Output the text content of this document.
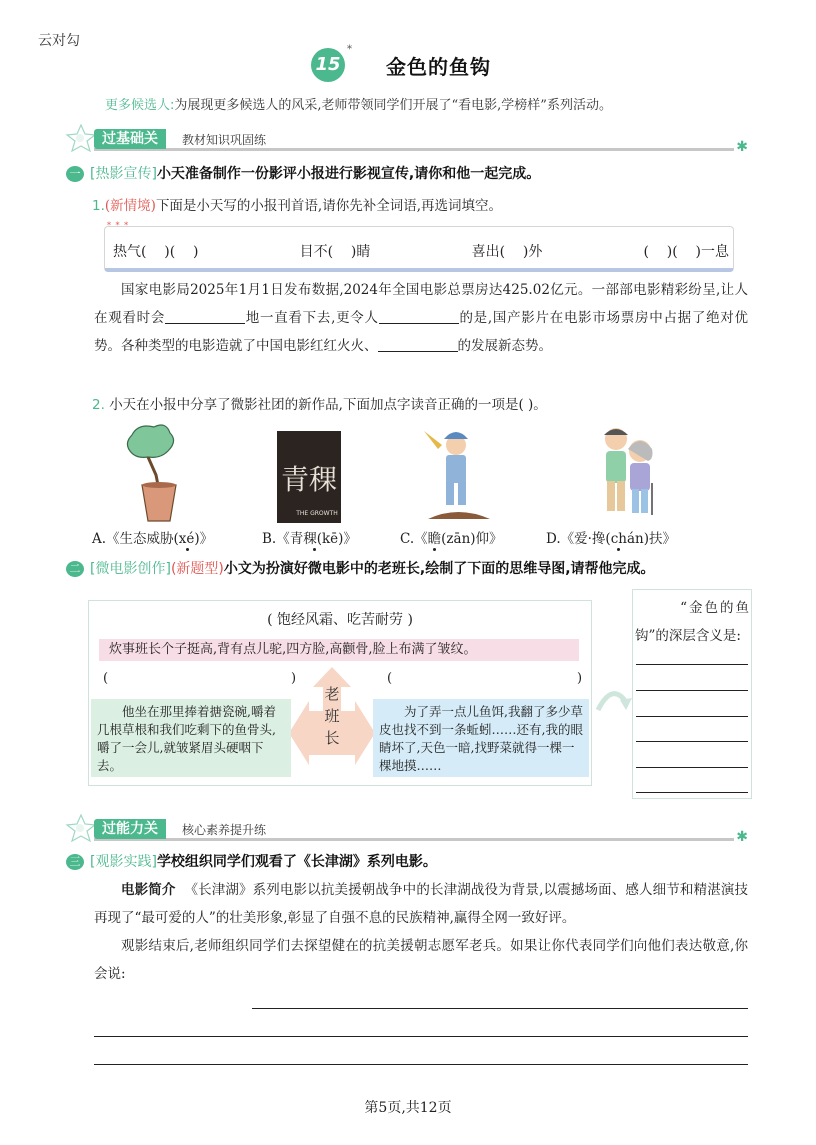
云对勾
15
*
金色的鱼钩
更多候选人:为展现更多候选人的风采,老师带领同学们开展了“看电影,学榜样”系列活动。
过基础关	教材知识巩固练	✱
一 [热影宣传]小天准备制作一份影评小报进行影视宣传,请你和他一起完成。
1.(新情境)下面是小天写的小报刊首语,请你先补全词语,再选词填空。
* * *
热气(    )(    )	目不(    )睛	喜出(    )外	(    )(    )一息

国家电影局2025年1月1日发布数据,2024年全国电影总票房达425.02亿元。一部部电影精彩纷呈,让人在观看时会	地一直看下去,更令人	的是,国产影片在电影市场票房中占据了绝对优势。各种类型的电影造就了中国电影红红火火、	的发展新态势。

2. 小天在小报中分享了微影社团的新作品,下面加点字读音正确的一项是( )。
青稞
THE GROWTH
A.《生态威胁(xé)》	B.《青稞(kē)》	C.《瞻(zān)仰》	D.《爱·搀(chán)扶》
二 [微电影创作](新题型)小文为扮演好微电影中的老班长,绘制了下面的思维导图,请帮他完成。
( 饱经风霜、吃苦耐劳 )
炊事班长个子挺高,背有点儿驼,四方脸,高颧骨,脸上布满了皱纹。
(	)	(	)
老班长

他坐在那里捧着搪瓷碗,嚼着几根草根和我们吃剩下的鱼骨头,嚼了一会儿,就皱紧眉头硬咽下去。

为了弄一点儿鱼饵,我翻了多少草皮也找不到一条蚯蚓……还有,我的眼睛坏了,天色一暗,找野菜就得一棵一棵地摸……

“金色的鱼
钩”的深层含义是:
过能力关	核心素养提升练	✱
三 [观影实践]学校组织同学们观看了《长津湖》系列电影。

电影简介 《长津湖》系列电影以抗美援朝战争中的长津湖战役为背景,以震撼场面、感人细节和精湛演技再现了“最可爱的人”的壮美形象,彰显了自强不息的民族精神,赢得全网一致好评。

观影结束后,老师组织同学们去探望健在的抗美援朝志愿军老兵。如果让你代表同学们向他们表达敬意,你会说:

第5页,共12页
